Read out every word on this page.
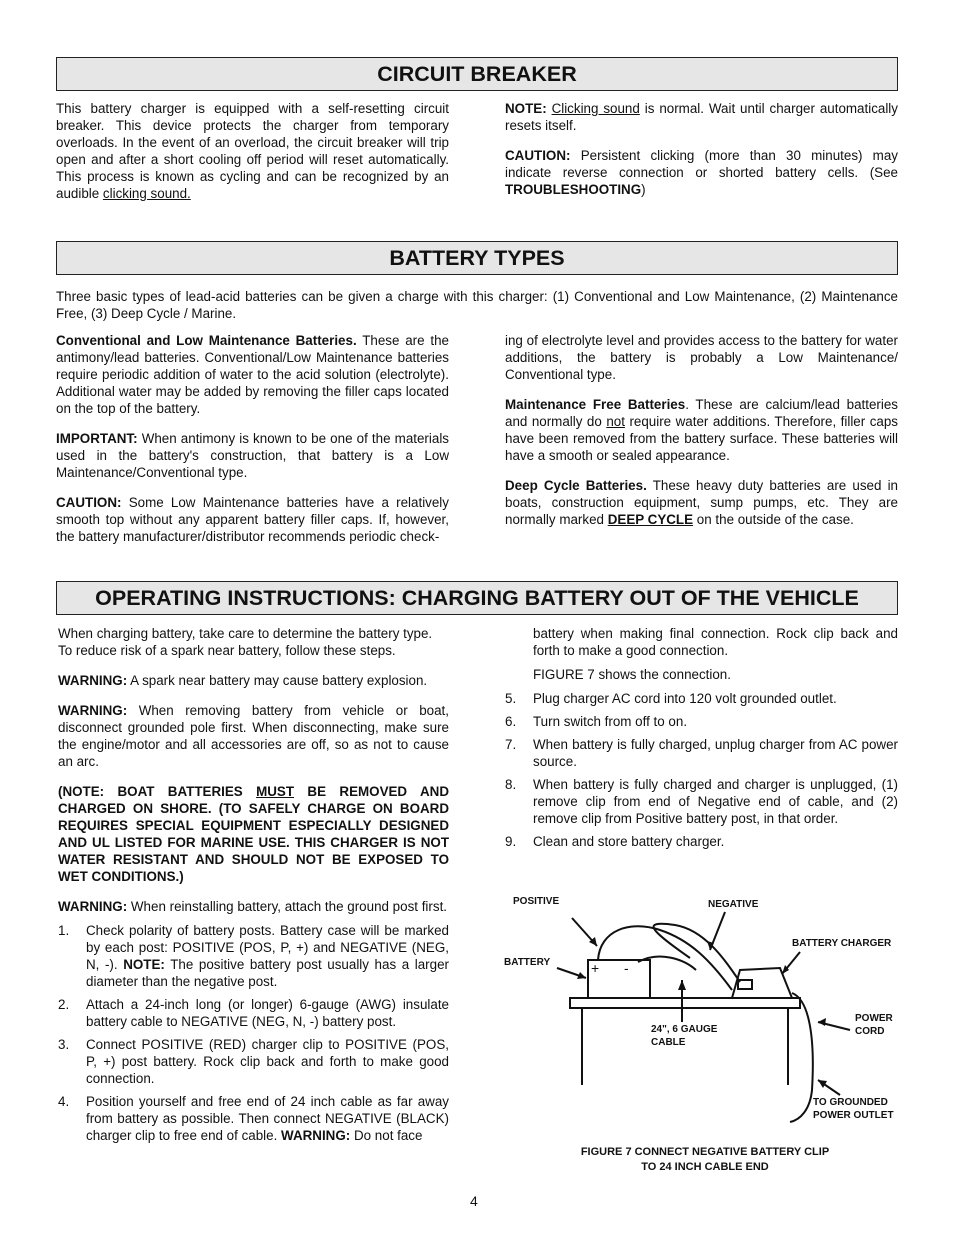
CIRCUIT BREAKER

This battery charger is equipped with a self-resetting circuit breaker. This device protects the charger from temporary overloads. In the event of an overload, the circuit breaker will trip open and after a short cooling off period will reset automatically. This process is known as cycling and can be recognized by an audible clicking sound.

NOTE: Clicking sound is normal. Wait until charger automatically resets itself.

CAUTION: Persistent clicking (more than 30 minutes) may indicate reverse connection or shorted battery cells. (See TROUBLESHOOTING)

BATTERY TYPES

Three basic types of lead-acid batteries can be given a charge with this charger: (1) Conventional and Low Maintenance, (2) Maintenance Free, (3) Deep Cycle / Marine.

Conventional and Low Maintenance Batteries. These are the antimony/lead batteries. Conventional/Low Maintenance batteries require periodic addition of water to the acid solution (electrolyte). Additional water may be added by removing the filler caps located on the top of the battery.

IMPORTANT: When antimony is known to be one of the materials used in the battery's construction, that battery is a Low Maintenance/Conventional type.

CAUTION: Some Low Maintenance batteries have a relatively smooth top without any apparent battery filler caps. If, however, the battery manufacturer/distributor recommends periodic check-

ing of electrolyte level and provides access to the battery for water additions, the battery is probably a Low Maintenance/ Conventional type.

Maintenance Free Batteries. These are calcium/lead batteries and normally do not require water additions. Therefore, filler caps have been removed from the battery surface. These batteries will have a smooth or sealed appearance.

Deep Cycle Batteries. These heavy duty batteries are used in boats, construction equipment, sump pumps, etc. They are normally marked DEEP CYCLE on the outside of the case.

OPERATING INSTRUCTIONS: CHARGING BATTERY OUT OF THE VEHICLE

When charging battery, take care to determine the battery type. To reduce risk of a spark near battery, follow these steps.

WARNING: A spark near battery may cause battery explosion.

WARNING: When removing battery from vehicle or boat, disconnect grounded pole first. When disconnecting, make sure the engine/motor and all accessories are off, so as not to cause an arc.

(NOTE: BOAT BATTERIES MUST BE REMOVED AND CHARGED ON SHORE. (TO SAFELY CHARGE ON BOARD REQUIRES SPECIAL EQUIPMENT ESPECIALLY DESIGNED AND UL LISTED FOR MARINE USE. THIS CHARGER IS NOT WATER RESISTANT AND SHOULD NOT BE EXPOSED TO WET CONDITIONS.)

WARNING: When reinstalling battery, attach the ground post first.

1. Check polarity of battery posts. Battery case will be marked by each post: POSITIVE (POS, P, +) and NEGATIVE (NEG, N, -). NOTE: The positive battery post usually has a larger diameter than the negative post.
2. Attach a 24-inch long (or longer) 6-gauge (AWG) insulate battery cable to NEGATIVE (NEG, N, -) battery post.
3. Connect POSITIVE (RED) charger clip to POSITIVE (POS, P, +) post battery. Rock clip back and forth to make good connection.
4. Position yourself and free end of 24 inch cable as far away from battery as possible. Then connect NEGATIVE (BLACK) charger clip to free end of cable. WARNING: Do not face

battery when making final connection. Rock clip back and forth to make a good connection.

FIGURE 7 shows the connection.

5. Plug charger AC cord into 120 volt grounded outlet.
6. Turn switch from off to on.
7. When battery is fully charged, unplug charger from AC power source.
8. When battery is fully charged and charger is unplugged, (1) remove clip from end of Negative end of cable, and (2) remove clip from Positive battery post, in that order.
9. Clean and store battery charger.
+ -
POSITIVE	NEGATIVE
BATTERY CHARGER
BATTERY
24", 6 GAUGE
CABLE
POWER
CORD
TO GROUNDED
POWER OUTLET
FIGURE 7 CONNECT NEGATIVE BATTERY CLIP
TO 24 INCH CABLE END
4
